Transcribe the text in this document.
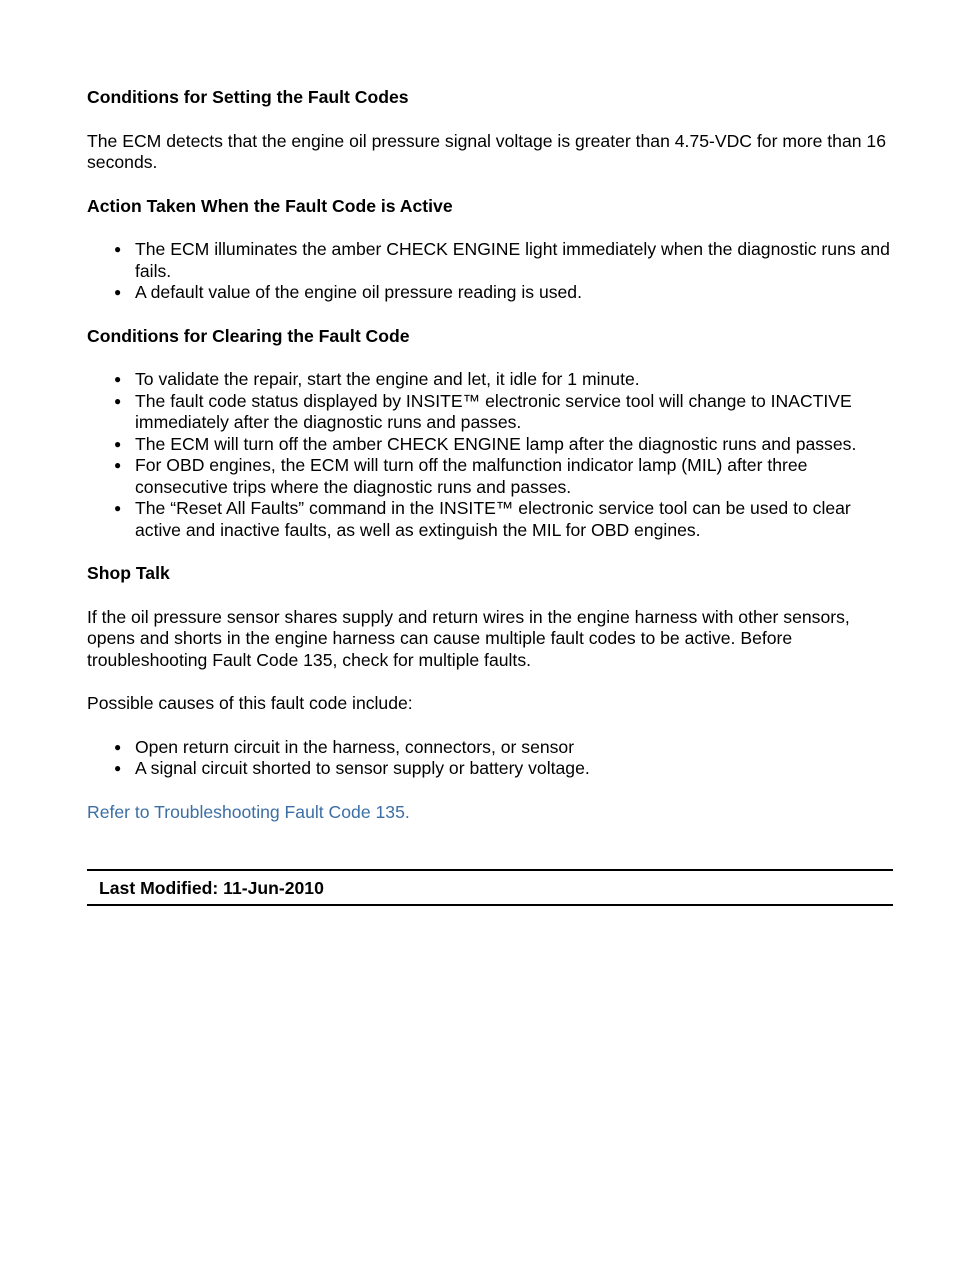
Conditions for Setting the Fault Codes

The ECM detects that the engine oil pressure signal voltage is greater than 4.75-VDC for more than 16 seconds.

Action Taken When the Fault Code is Active

● The ECM illuminates the amber CHECK ENGINE light immediately when the diagnostic runs and fails.
● A default value of the engine oil pressure reading is used.

Conditions for Clearing the Fault Code

● To validate the repair, start the engine and let, it idle for 1 minute.
● The fault code status displayed by INSITE™ electronic service tool will change to INACTIVE immediately after the diagnostic runs and passes.
● The ECM will turn off the amber CHECK ENGINE lamp after the diagnostic runs and passes.
● For OBD engines, the ECM will turn off the malfunction indicator lamp (MIL) after three consecutive trips where the diagnostic runs and passes.
● The “Reset All Faults” command in the INSITE™ electronic service tool can be used to clear active and inactive faults, as well as extinguish the MIL for OBD engines.

Shop Talk

If the oil pressure sensor shares supply and return wires in the engine harness with other sensors, opens and shorts in the engine harness can cause multiple fault codes to be active. Before troubleshooting Fault Code 135, check for multiple faults.

Possible causes of this fault code include:

● Open return circuit in the harness, connectors, or sensor
● A signal circuit shorted to sensor supply or battery voltage.

Refer to Troubleshooting Fault Code 135.

Last Modified: 11-Jun-2010
